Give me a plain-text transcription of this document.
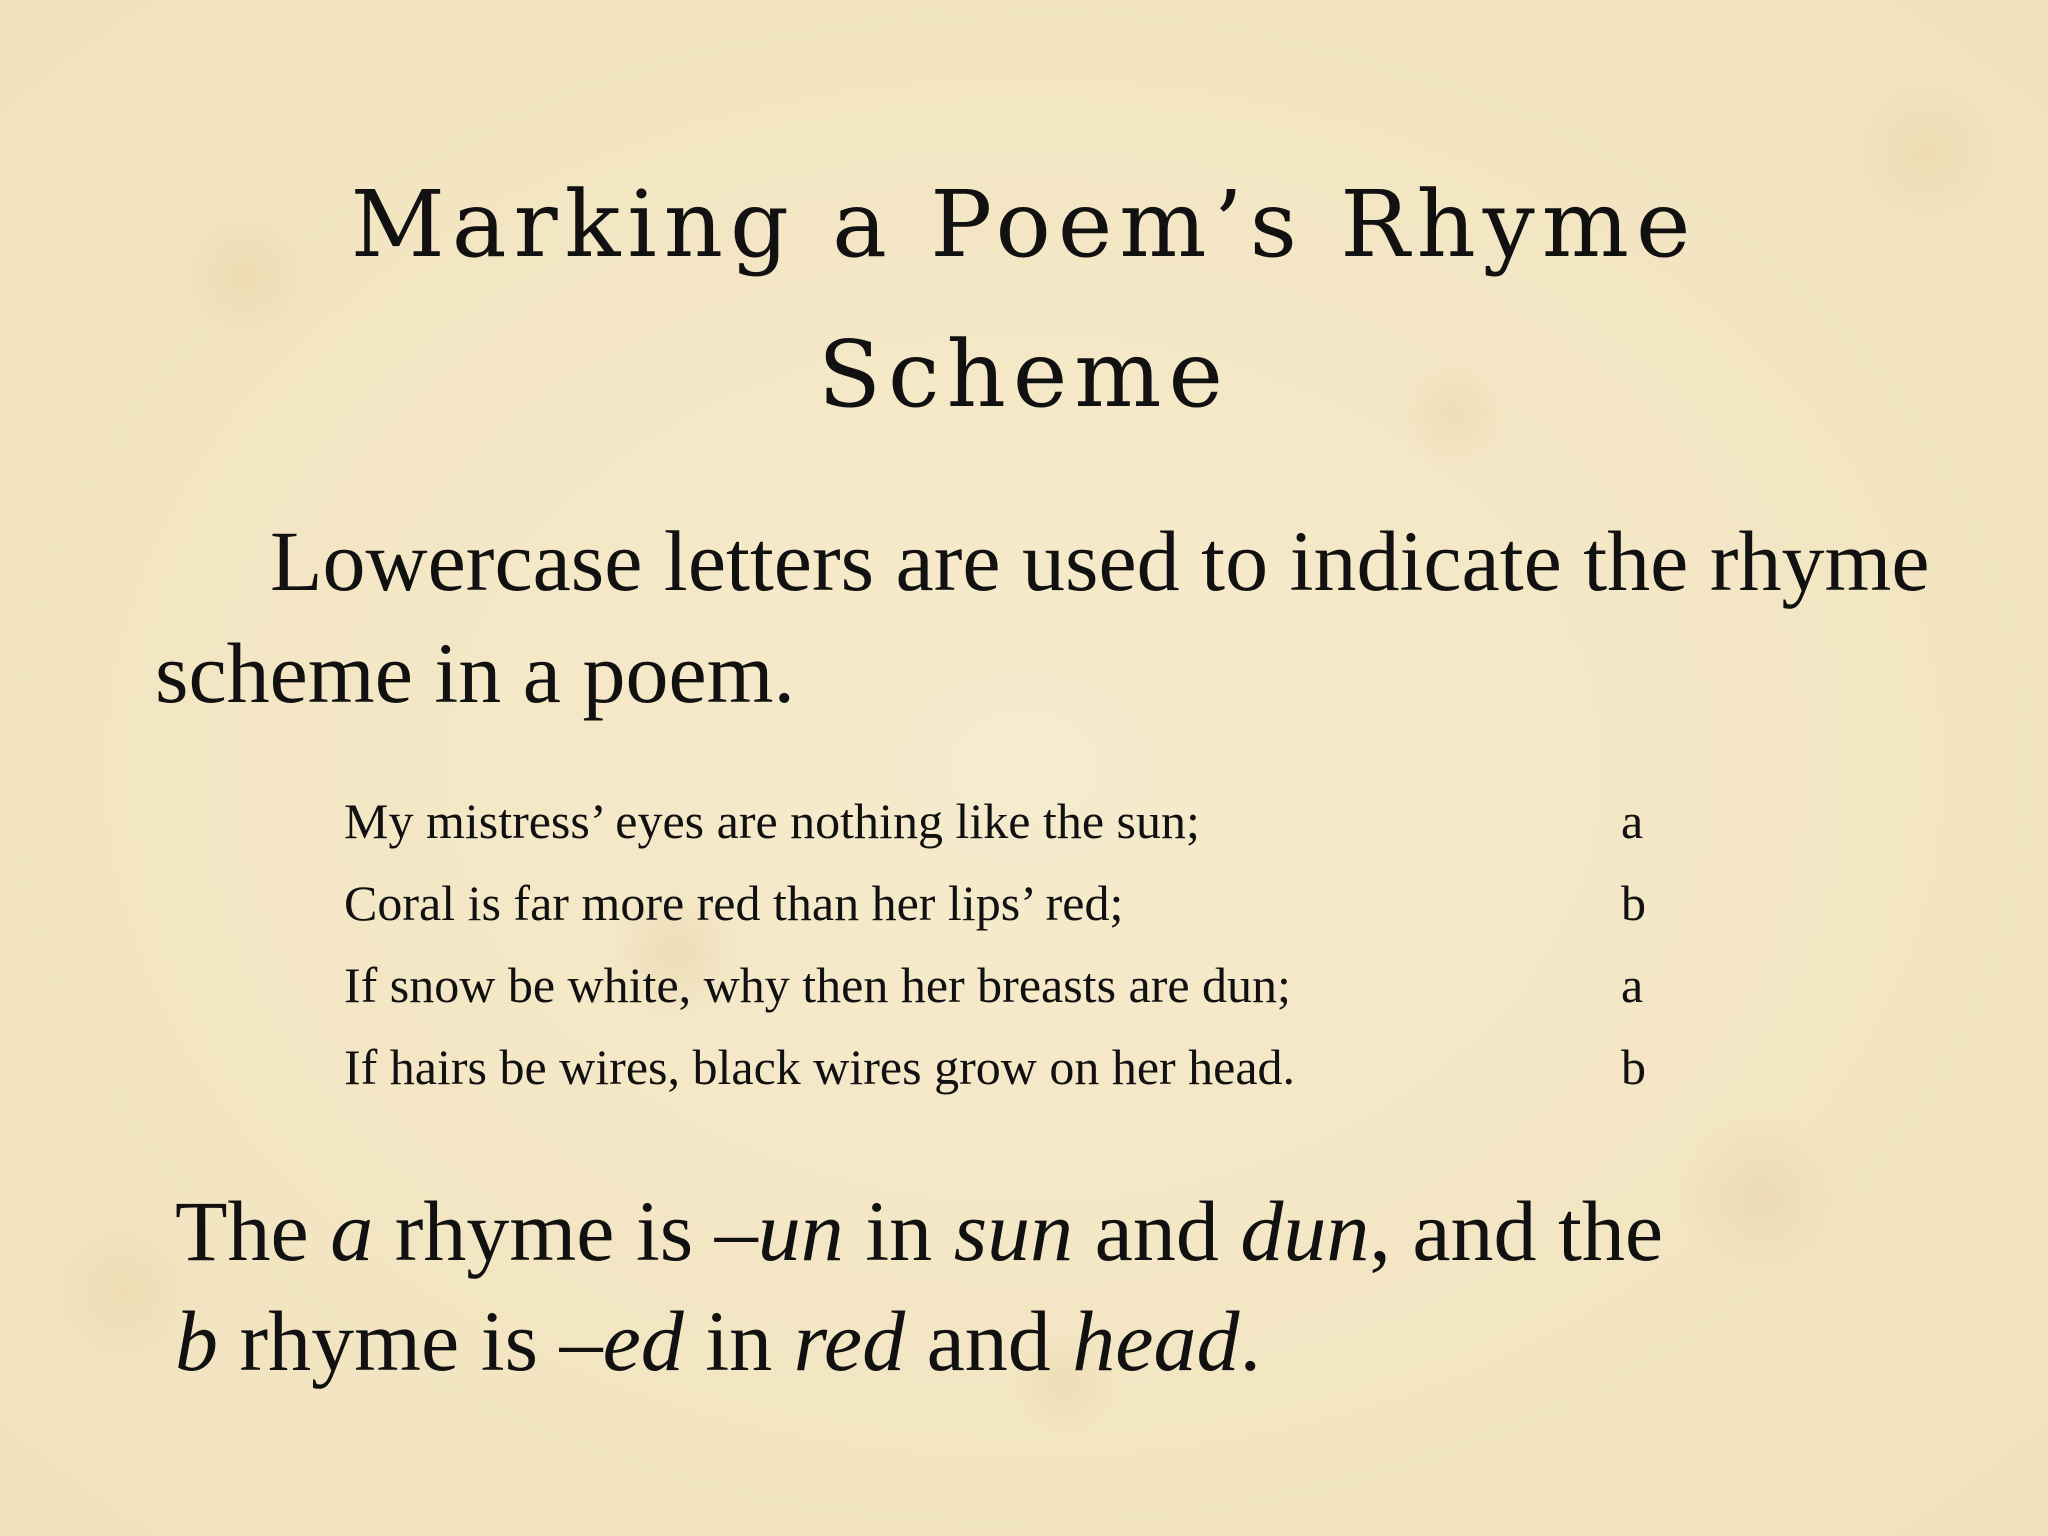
Marking a Poem’s Rhyme
Scheme

Lowercase letters are used to indicate the rhyme scheme in a poem.

My mistress’ eyes are nothing like the sun;	a
Coral is far more red than her lips’ red;	b
If snow be white, why then her breasts are dun;	a
If hairs be wires, black wires grow on her head.	b

The a rhyme is –un in sun and dun, and the
b rhyme is –ed in red and head.
